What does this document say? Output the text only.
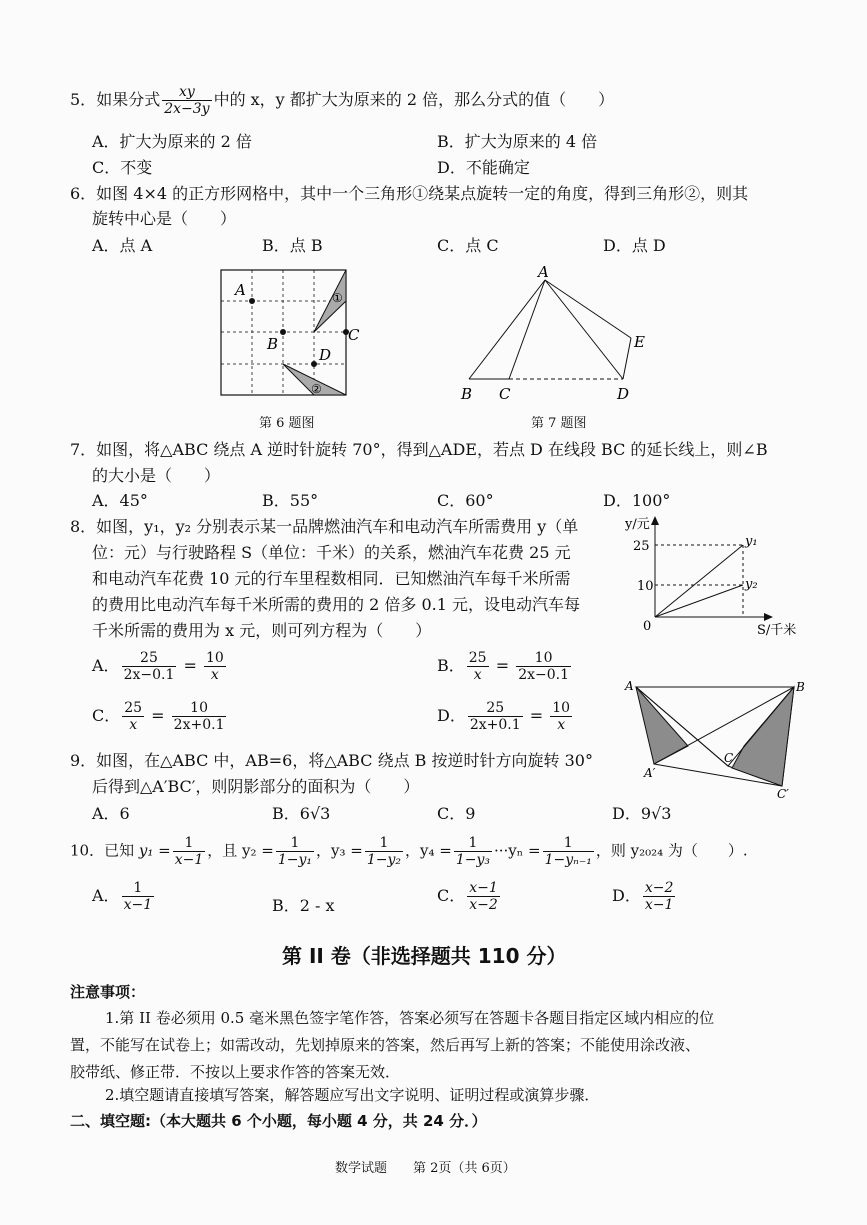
5．如果分式 $\frac{xy}{2x-3y}$ 中的 x，y 都扩大为原来的 2 倍，那么分式的值（　　）
A．扩大为原来的 2 倍	B．扩大为原来的 4 倍
C．不变	D．不能确定
6．如图 4×4 的正方形网格中，其中一个三角形①绕某点旋转一定的角度，得到三角形②，则其
旋转中心是（　　）
A．点 A	B．点 B	C．点 C	D．点 D
A
B	C
D
①
②
第 6 题图
A
B C	D
E
第 7 题图
7．如图，将△ABC 绕点 A 逆时针旋转 70°，得到△ADE，若点 D 在线段 BC 的延长线上，则∠B
的大小是（　　）
A．45°	B．55°	C．60°	D．100°
8．如图，y₁，y₂ 分别表示某一品牌燃油汽车和电动汽车所需费用 y（单
位：元）与行驶路程 S（单位：千米）的关系，燃油汽车花费 25 元
和电动汽车花费 10 元的行车里程数相同．已知燃油汽车每千米所需
的费用比电动汽车每千米所需的费用的 2 倍多 0.1 元，设电动汽车每
千米所需的费用为 x 元，则可列方程为（　　）
A． $\frac{25}{2x-0.1} = \frac{10}{x}$	B． $\frac{25}{x} = \frac{10}{2x-0.1}$
C． $\frac{25}{x} = \frac{10}{2x+0.1}$	D． $\frac{25}{2x+0.1} = \frac{10}{x}$
y/元
25
10
0
y₁
y₂
S/千米
A	B
C
A′
C′
9．如图，在△ABC 中，AB=6，将△ABC 绕点 B 按逆时针方向旋转 30°
后得到△A′BC′，则阴影部分的面积为（　　）
A．6	B．6√3	C．9	D．9√3
10．已知 $y_1 = \frac{1}{x-1}$ ，且 $y_2 = \frac{1}{\text{1−y₁}}$ ，$y_3 = \frac{1}{\text{1−y₂}}$ ，$y_4 = \frac{1}{\text{1−y₃}} \cdot\cdot\cdot y_n = \frac{1}{\text{1−yₙ₋₁}}$ ，则 y₂₀₂₄ 为（　　）.
A． $\frac{1}{x-1}$	B．2 - x
C． $\frac{x-1}{x-2}$	D． $\frac{x-2}{x-1}$
第 II 卷（非选择题共 110 分）
注意事项：
1.第 II 卷必须用 0.5 毫米黑色签字笔作答，答案必须写在答题卡各题目指定区域内相应的位
置，不能写在试卷上；如需改动，先划掉原来的答案，然后再写上新的答案；不能使用涂改液、
胶带纸、修正带．不按以上要求作答的答案无效．
2.填空题请直接填写答案，解答题应写出文字说明、证明过程或演算步骤．
二、填空题:（本大题共 6 个小题，每小题 4 分，共 24 分．）
数学试题　　第 2页（共 6页）
